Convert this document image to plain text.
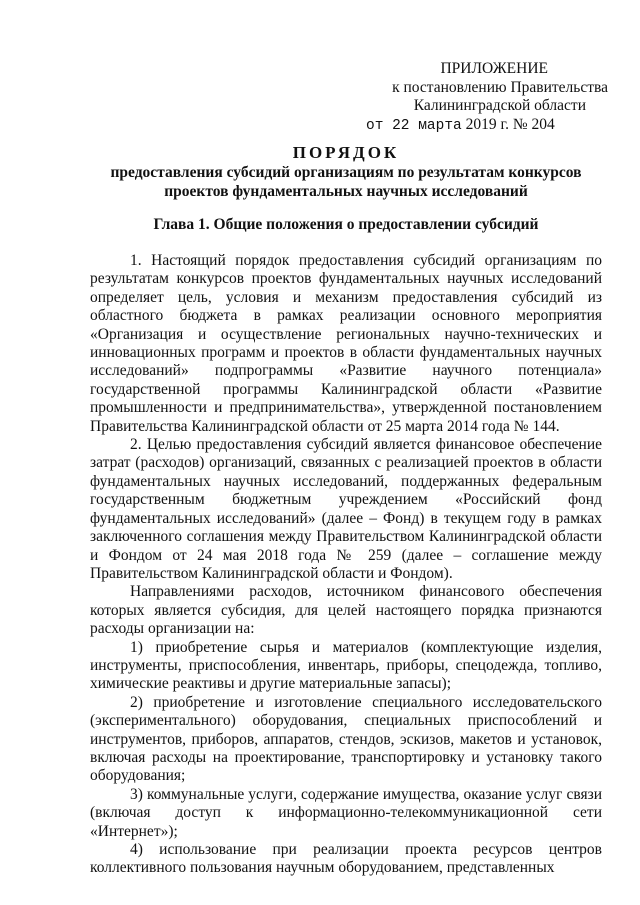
ПРИЛОЖЕНИЕ
к постановлению Правительства
Калининградской области
от 22 марта 2019 г. № 204
ПОРЯДОК
предоставления субсидий организациям по результатам конкурсов
проектов фундаментальных научных исследований
Глава 1. Общие положения о предоставлении субсидий

1. Настоящий порядок предоставления субсидий организациям по результатам конкурсов проектов фундаментальных научных исследований определяет цель, условия и механизм предоставления субсидий из областного бюджета в рамках реализации основного мероприятия «Организация и осуществление региональных научно-технических и инновационных программ и проектов в области фундаментальных научных исследований» подпрограммы «Развитие научного потенциала» государственной программы Калининградской области «Развитие промышленности и предпринимательства», утвержденной постановлением Правительства Калининградской области от 25 марта 2014 года № 144.

2. Целью предоставления субсидий является финансовое обеспечение затрат (расходов) организаций, связанных с реализацией проектов в области фундаментальных научных исследований, поддержанных федеральным государственным бюджетным учреждением «Российский фонд фундаментальных исследований» (далее – Фонд) в текущем году в рамках заключенного соглашения между Правительством Калининградской области и Фондом от 24 мая 2018 года № 259 (далее – соглашение между Правительством Калининградской области и Фондом).

Направлениями расходов, источником финансового обеспечения которых является субсидия, для целей настоящего порядка признаются расходы организации на:

1) приобретение сырья и материалов (комплектующие изделия, инструменты, приспособления, инвентарь, приборы, спецодежда, топливо, химические реактивы и другие материальные запасы);

2) приобретение и изготовление специального исследовательского (экспериментального) оборудования, специальных приспособлений и инструментов, приборов, аппаратов, стендов, эскизов, макетов и установок, включая расходы на проектирование, транспортировку и установку такого оборудования;

3) коммунальные услуги, содержание имущества, оказание услуг связи (включая доступ к информационно-телекоммуникационной сети «Интернет»);

4) использование при реализации проекта ресурсов центров коллективного пользования научным оборудованием, представленных
